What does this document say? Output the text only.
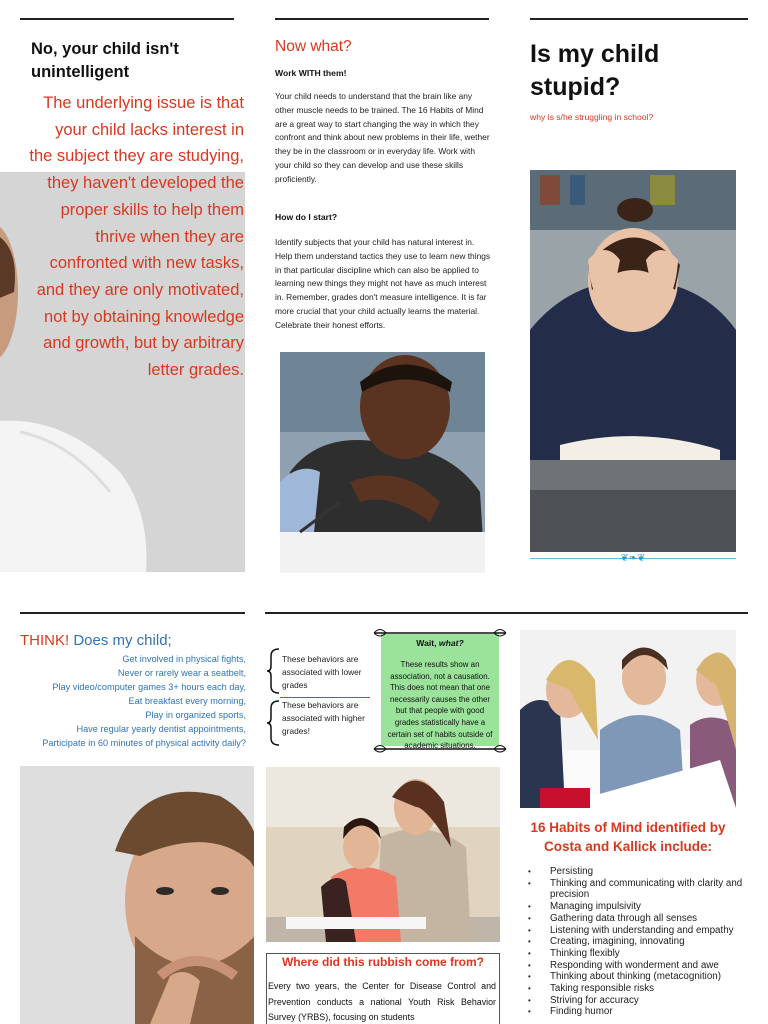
No, your child isn't unintelligent
The underlying issue is that your child lacks interest in the subject they are studying, they haven't developed the proper skills to help them thrive when they are confronted with new tasks, and they are only motivated, not by obtaining knowledge and growth, but by arbitrary letter grades.
Now what?
Work WITH them!
Your child needs to understand that the brain like any other muscle needs to be trained. The 16 Habits of Mind are a great way to start changing the way in which they confront and think about new problems in their life, wether they be in the classroom or in everyday life. Work with your child so they can develop and use these skills proficiently.
How do I start?
Identify subjects that your child has natural interest in. Help them understand tactics they use to learn new things in that particular discipline which can also be applied to learning new things they might not have as much interest in. Remember, grades don't measure intelligence. It is far more crucial that your child actually learns the material. Celebrate their honest efforts.
Is my child stupid?
why is s/he struggling in school?
❦❧❦
THINK! Does my child;
Get involved in physical fights,
Never or rarely wear a seatbelt,
Play video/computer games 3+ hours each day,
Eat breakfast every morning,
Play in organized sports,
Have regular yearly dentist appointments,
Participate in 60 minutes of physical activity daily?
These behaviors are associated with lower grades
These behaviors are associated with higher grades!
Wait, what?
These results show an association, not a causation. This does not mean that one necessarily causes the other but that people with good grades statistically have a certain set of habits outside of academic situations.
16 Habits of Mind identified by Costa and Kallick include:
• Persisting
• Thinking and communicating with clarity and precision
• Managing impulsivity
• Gathering data through all senses
• Listening with understanding and empathy
• Creating, imagining, innovating
• Thinking flexibly
• Responding with wonderment and awe
• Thinking about thinking (metacognition)
• Taking responsible risks
• Striving for accuracy
• Finding humor
Where did this rubbish come from?
Every two years, the Center for Disease Control and Prevention conducts a national Youth Risk Behavior Survey (YRBS), focusing on students
